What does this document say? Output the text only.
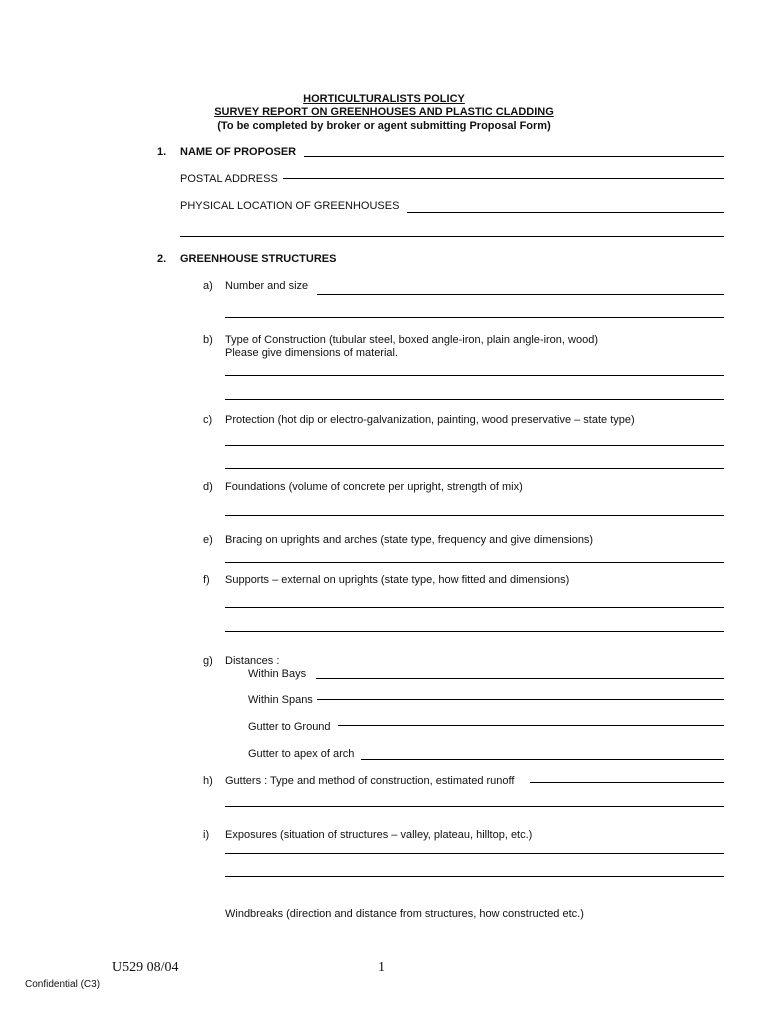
HORTICULTURALISTS POLICY
SURVEY REPORT ON GREENHOUSES AND PLASTIC CLADDING
(To be completed by broker or agent submitting Proposal Form)
1. NAME OF PROPOSER
POSTAL ADDRESS
PHYSICAL LOCATION OF GREENHOUSES
2. GREENHOUSE STRUCTURES
a) Number and size
b) Type of Construction (tubular steel, boxed angle-iron, plain angle-iron, wood)
Please give dimensions of material.
c) Protection (hot dip or electro-galvanization, painting, wood preservative – state type)
d) Foundations (volume of concrete per upright, strength of mix)
e) Bracing on uprights and arches (state type, frequency and give dimensions)
f) Supports – external on uprights (state type, how fitted and dimensions)
g) Distances :
Within Bays
Within Spans
Gutter to Ground
Gutter to apex of arch
h) Gutters : Type and method of construction, estimated runoff
i) Exposures (situation of structures – valley, plateau, hilltop, etc.)
Windbreaks (direction and distance from structures, how constructed etc.)
U529 08/04	1
Confidential (C3)
